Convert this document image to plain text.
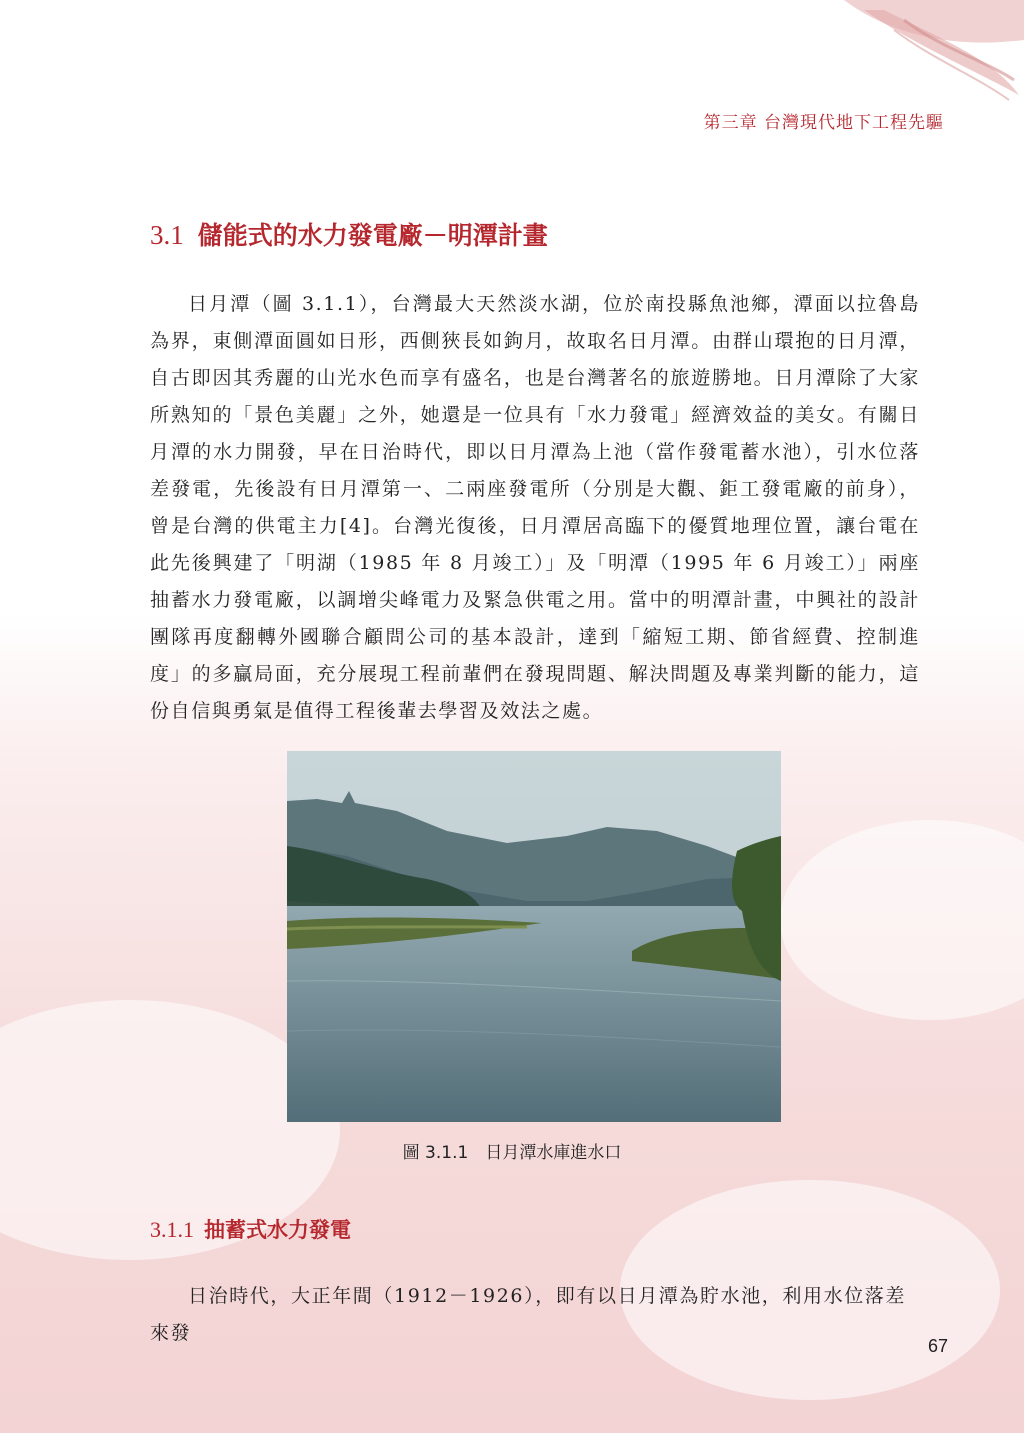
第三章 台灣現代地下工程先驅
3.1 儲能式的水力發電廠－明潭計畫
日月潭（圖 3.1.1），台灣最大天然淡水湖，位於南投縣魚池鄉，潭面以拉魯島為界，東側潭面圓如日形，西側狹長如鉤月，故取名日月潭。由群山環抱的日月潭，自古即因其秀麗的山光水色而享有盛名，也是台灣著名的旅遊勝地。日月潭除了大家所熟知的「景色美麗」之外，她還是一位具有「水力發電」經濟效益的美女。有關日月潭的水力開發，早在日治時代，即以日月潭為上池（當作發電蓄水池），引水位落差發電，先後設有日月潭第一、二兩座發電所（分別是大觀、鉅工發電廠的前身），曾是台灣的供電主力[4]。台灣光復後，日月潭居高臨下的優質地理位置，讓台電在此先後興建了「明湖（1985 年 8 月竣工）」及「明潭（1995 年 6 月竣工）」兩座抽蓄水力發電廠，以調增尖峰電力及緊急供電之用。當中的明潭計畫，中興社的設計團隊再度翻轉外國聯合顧問公司的基本設計，達到「縮短工期、節省經費、控制進度」的多贏局面，充分展現工程前輩們在發現問題、解決問題及專業判斷的能力，這份自信與勇氣是值得工程後輩去學習及效法之處。
圖 3.1.1　日月潭水庫進水口
3.1.1 抽蓄式水力發電
日治時代，大正年間（1912－1926），即有以日月潭為貯水池，利用水位落差來發
67
